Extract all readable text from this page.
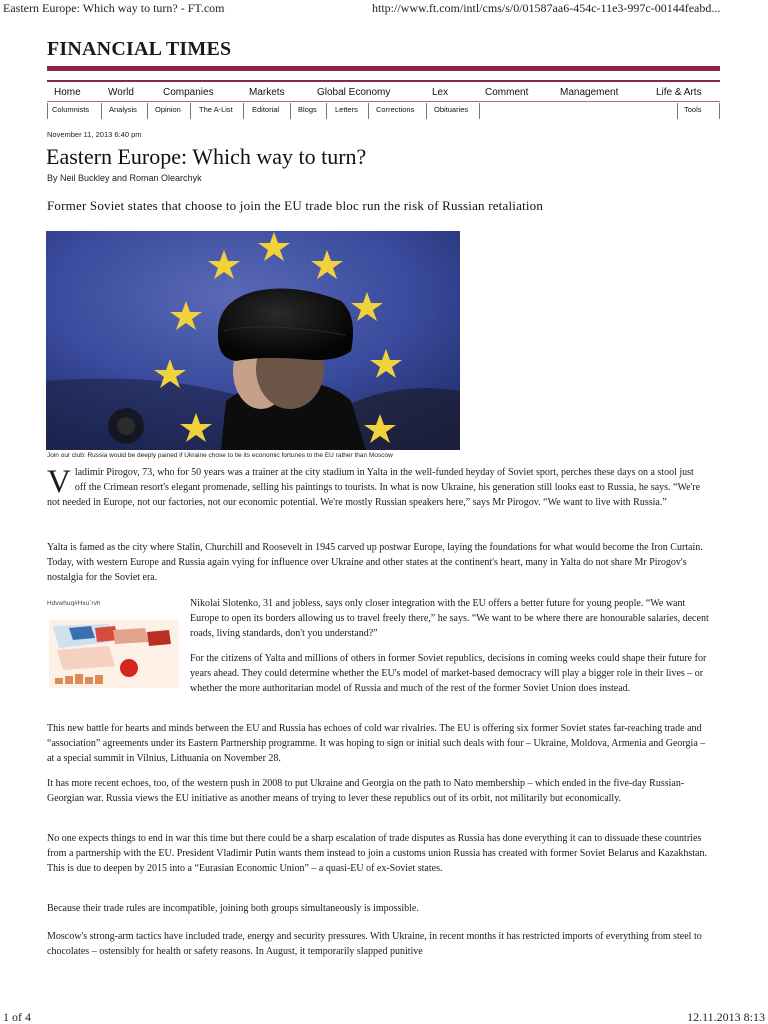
Eastern Europe: Which way to turn? - FT.com	http://www.ft.com/intl/cms/s/0/01587aa6-454c-11e3-997c-00144feabd...
FINANCIAL TIMES
Home	World	Companies	Markets	Global Economy	Lex	Comment	Management	Life & Arts
Columnists	Analysis Opinion The A-List	Editorial	Blogs Letters Corrections	Obituaries	Tools
November 11, 2013 6:40 pm
Eastern Europe: Which way to turn?
By Neil Buckley and Roman Olearchyk
Former Soviet states that choose to join the EU trade bloc run the risk of Russian retaliation
Join our club: Russia would be deeply pained if Ukraine chose to tie its economic fortunes to the EU rather than Moscow
Vladimir Pirogov, 73, who for 50 years was a trainer at the city stadium in Yalta in the well-funded heyday of Soviet sport, perches these days on a stool just off the Crimean resort's elegant promenade, selling his paintings to tourists. In what is now Ukraine, his generation still looks east to Russia, he says. “We're not needed in Europe, not our factories, not our economic potential. We're mostly Russian speakers here,” says Mr Pirogov. “We want to live with Russia.”
Yalta is famed as the city where Stalin, Churchill and Roosevelt in 1945 carved up postwar Europe, laying the foundations for what would become the Iron Curtain. Today, with western Europe and Russia again vying for influence over Ukraine and other states at the continent's heart, many in Yalta do not share Mr Pirogov's nostalgia for the Soviet era.
Hdvwhuq#Hxu`rvh	Nikolai Slotenko, 31 and jobless, says only closer integration with the EU offers a better future for young people. “We want Europe to open its borders allowing us to travel freely there,” he says. “We want to be where there are honourable salaries, decent roads, living standards, don't you understand?”
For the citizens of Yalta and millions of others in former Soviet republics, decisions in coming weeks could shape their future for years ahead. They could determine whether the EU's model of market-based democracy will play a bigger role in their lives – or whether the more authoritarian model of Russia and much of the rest of the former Soviet Union does instead.
This new battle for hearts and minds between the EU and Russia has echoes of cold war rivalries. The EU is offering six former Soviet states far-reaching trade and “association” agreements under its Eastern Partnership programme. It was hoping to sign or initial such deals with four – Ukraine, Moldova, Armenia and Georgia – at a special summit in Vilnius, Lithuania on November 28.
It has more recent echoes, too, of the western push in 2008 to put Ukraine and Georgia on the path to Nato membership – which ended in the five-day Russian-Georgian war. Russia views the EU initiative as another means of trying to lever these republics out of its orbit, not militarily but economically.
No one expects things to end in war this time but there could be a sharp escalation of trade disputes as Russia has done everything it can to dissuade these countries from a partnership with the EU. President Vladimir Putin wants them instead to join a customs union Russia has created with former Soviet Belarus and Kazakhstan. This is due to deepen by 2015 into a “Eurasian Economic Union” – a quasi-EU of ex-Soviet states.
Because their trade rules are incompatible, joining both groups simultaneously is impossible.
Moscow's strong-arm tactics have included trade, energy and security pressures. With Ukraine, in recent months it has restricted imports of everything from steel to chocolates – ostensibly for health or safety reasons. In August, it temporarily slapped punitive
1 of 4	12.11.2013 8:13
